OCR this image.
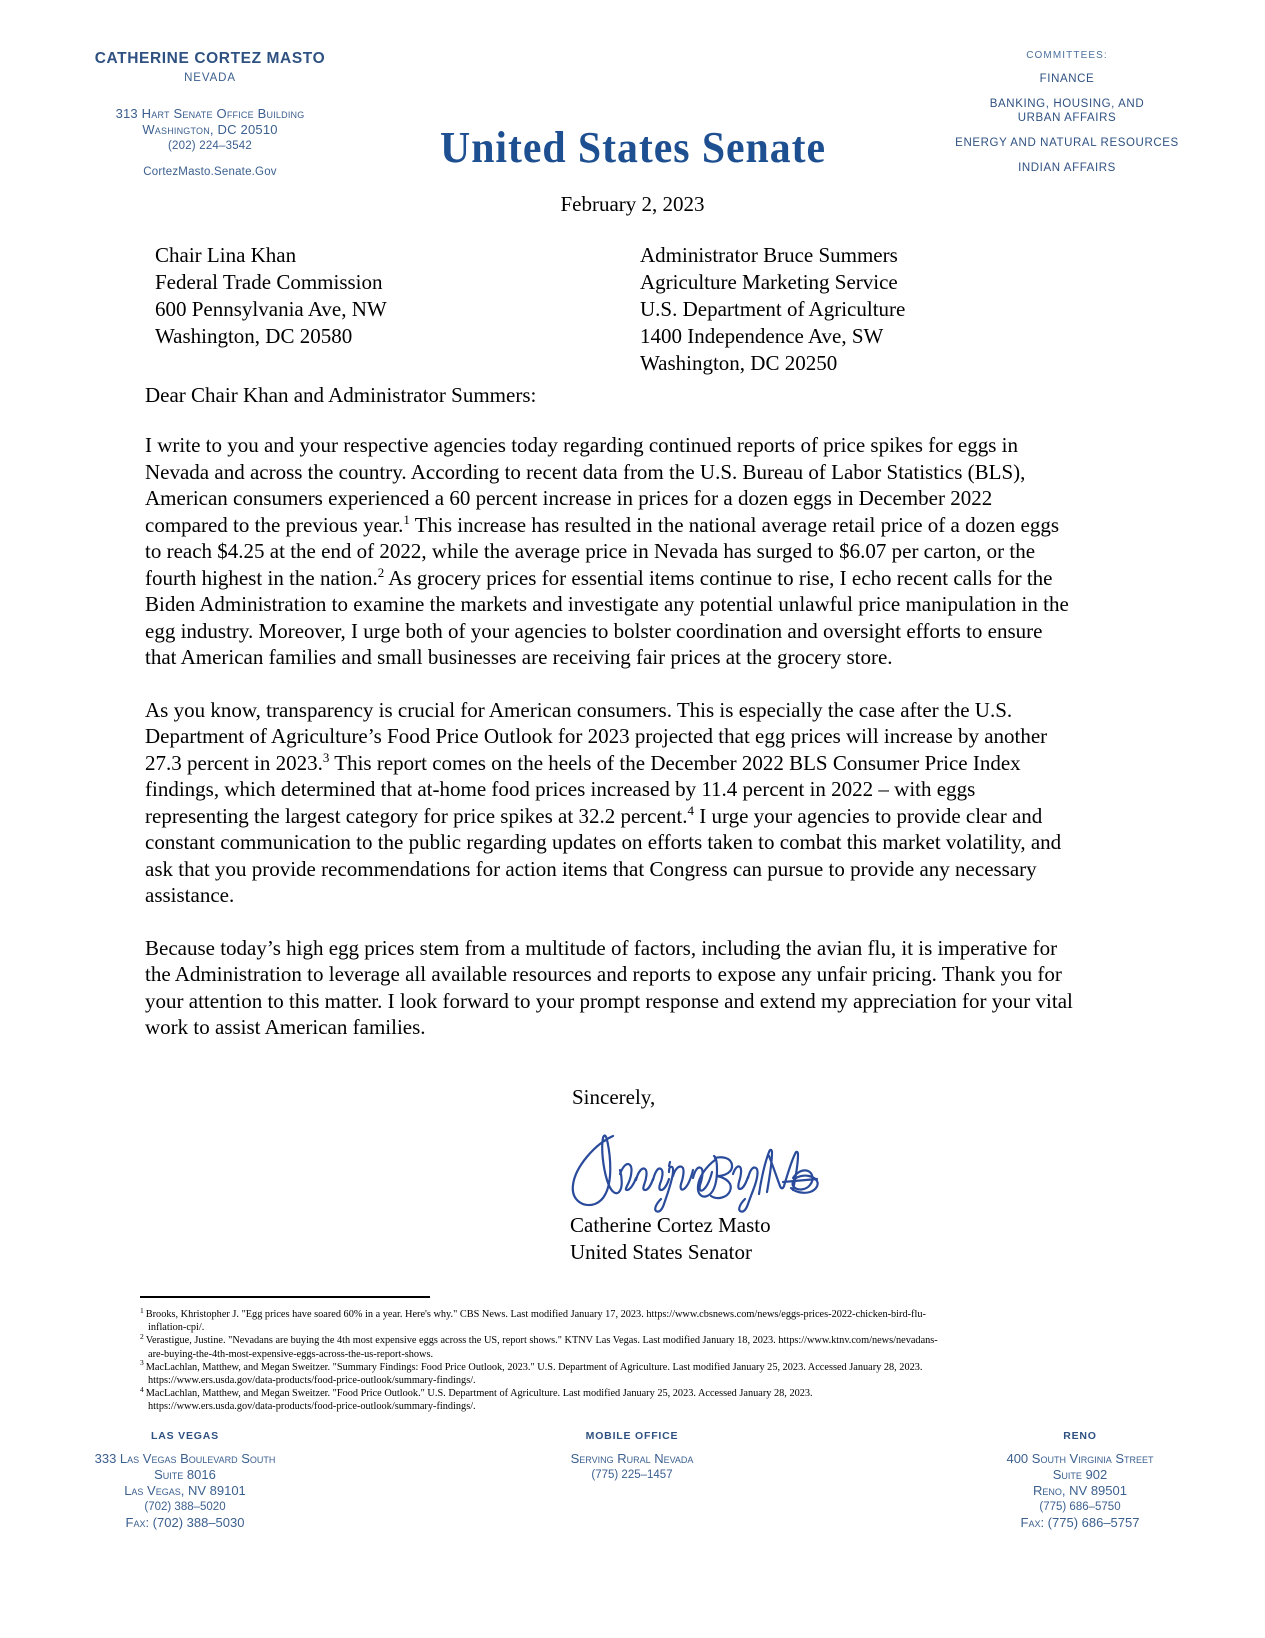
CATHERINE CORTEZ MASTO
NEVADA
313 Hart Senate Office Building
Washington, DC 20510
(202) 224–3542
CortezMasto.Senate.Gov	United States Senate
COMMITTEES:
FINANCE
BANKING, HOUSING, AND
URBAN AFFAIRS
ENERGY AND NATURAL RESOURCES
INDIAN AFFAIRS
February 2, 2023
Chair Lina Khan
Federal Trade Commission
600 Pennsylvania Ave, NW
Washington, DC 20580
Administrator Bruce Summers
Agriculture Marketing Service
U.S. Department of Agriculture
1400 Independence Ave, SW
Washington, DC 20250
Dear Chair Khan and Administrator Summers:

I write to you and your respective agencies today regarding continued reports of price spikes for eggs in Nevada and across the country. According to recent data from the U.S. Bureau of Labor Statistics (BLS), American consumers experienced a 60 percent increase in prices for a dozen eggs in December 2022 compared to the previous year.$^1$ This increase has resulted in the national average retail price of a dozen eggs to reach $4.25 at the end of 2022, while the average price in Nevada has surged to $6.07 per carton, or the fourth highest in the nation.$^2$ As grocery prices for essential items continue to rise, I echo recent calls for the Biden Administration to examine the markets and investigate any potential unlawful price manipulation in the egg industry. Moreover, I urge both of your agencies to bolster coordination and oversight efforts to ensure that American families and small businesses are receiving fair prices at the grocery store.

As you know, transparency is crucial for American consumers. This is especially the case after the U.S. Department of Agriculture’s Food Price Outlook for 2023 projected that egg prices will increase by another 27.3 percent in 2023.$^3$ This report comes on the heels of the December 2022 BLS Consumer Price Index findings, which determined that at-home food prices increased by 11.4 percent in 2022 – with eggs representing the largest category for price spikes at 32.2 percent.$^4$ I urge your agencies to provide clear and constant communication to the public regarding updates on efforts taken to combat this market volatility, and ask that you provide recommendations for action items that Congress can pursue to provide any necessary assistance.

Because today’s high egg prices stem from a multitude of factors, including the avian flu, it is imperative for the Administration to leverage all available resources and reports to expose any unfair pricing. Thank you for your attention to this matter. I look forward to your prompt response and extend my appreciation for your vital work to assist American families.

Sincerely,
Catherine Cortez Masto
United States Senator
$^1$ Brooks, Khristopher J. "Egg prices have soared 60% in a year. Here's why." CBS News. Last modified January 17, 2023. https://www.cbsnews.com/news/eggs-prices-2022-chicken-bird-flu-
inflation-cpi/.
$^2$ Verastigue, Justine. "Nevadans are buying the 4th most expensive eggs across the US, report shows." KTNV Las Vegas. Last modified January 18, 2023. https://www.ktnv.com/news/nevadans-
are-buying-the-4th-most-expensive-eggs-across-the-us-report-shows.
$^3$ MacLachlan, Matthew, and Megan Sweitzer. "Summary Findings: Food Price Outlook, 2023." U.S. Department of Agriculture. Last modified January 25, 2023. Accessed January 28, 2023.
https://www.ers.usda.gov/data-products/food-price-outlook/summary-findings/.
$^4$ MacLachlan, Matthew, and Megan Sweitzer. "Food Price Outlook." U.S. Department of Agriculture. Last modified January 25, 2023. Accessed January 28, 2023.
https://www.ers.usda.gov/data-products/food-price-outlook/summary-findings/.
LAS VEGAS
333 Las Vegas Boulevard South
Suite 8016
Las Vegas, NV 89101
(702) 388–5020
Fax: (702) 388–5030
MOBILE OFFICE
Serving Rural Nevada
(775) 225–1457
RENO
400 South Virginia Street
Suite 902
Reno, NV 89501
(775) 686–5750
Fax: (775) 686–5757
